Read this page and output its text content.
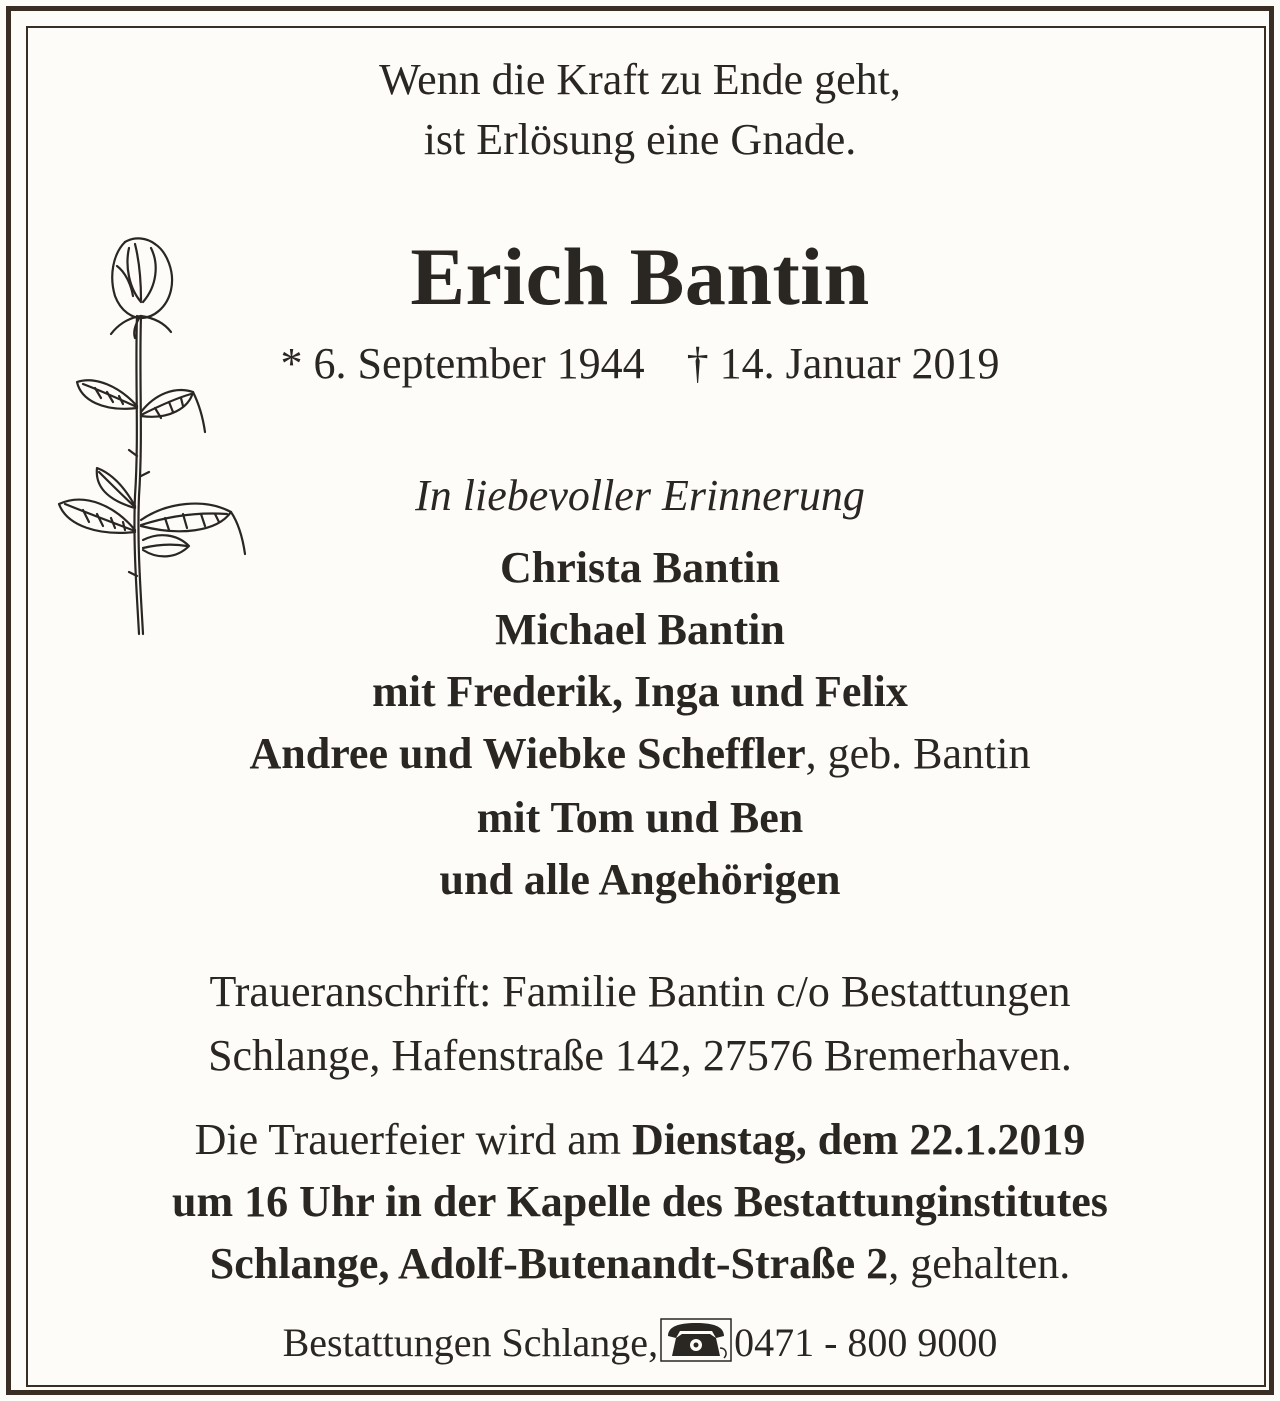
Wenn die Kraft zu Ende geht,
ist Erlösung eine Gnade.
Erich Bantin
* 6. September 1944 † 14. Januar 2019
In liebevoller Erinnerung
Christa Bantin
Michael Bantin
mit Frederik, Inga und Felix
Andree und Wiebke Scheffler, geb. Bantin
mit Tom und Ben
und alle Angehörigen
Traueranschrift: Familie Bantin c/o Bestattungen
Schlange, Hafenstraße 142, 27576 Bremerhaven.
Die Trauerfeier wird am Dienstag, dem 22.1.2019
um 16 Uhr in der Kapelle des Bestattunginstitutes
Schlange, Adolf-Butenandt-Straße 2, gehalten.
Bestattungen Schlange, 0471 - 800 9000
